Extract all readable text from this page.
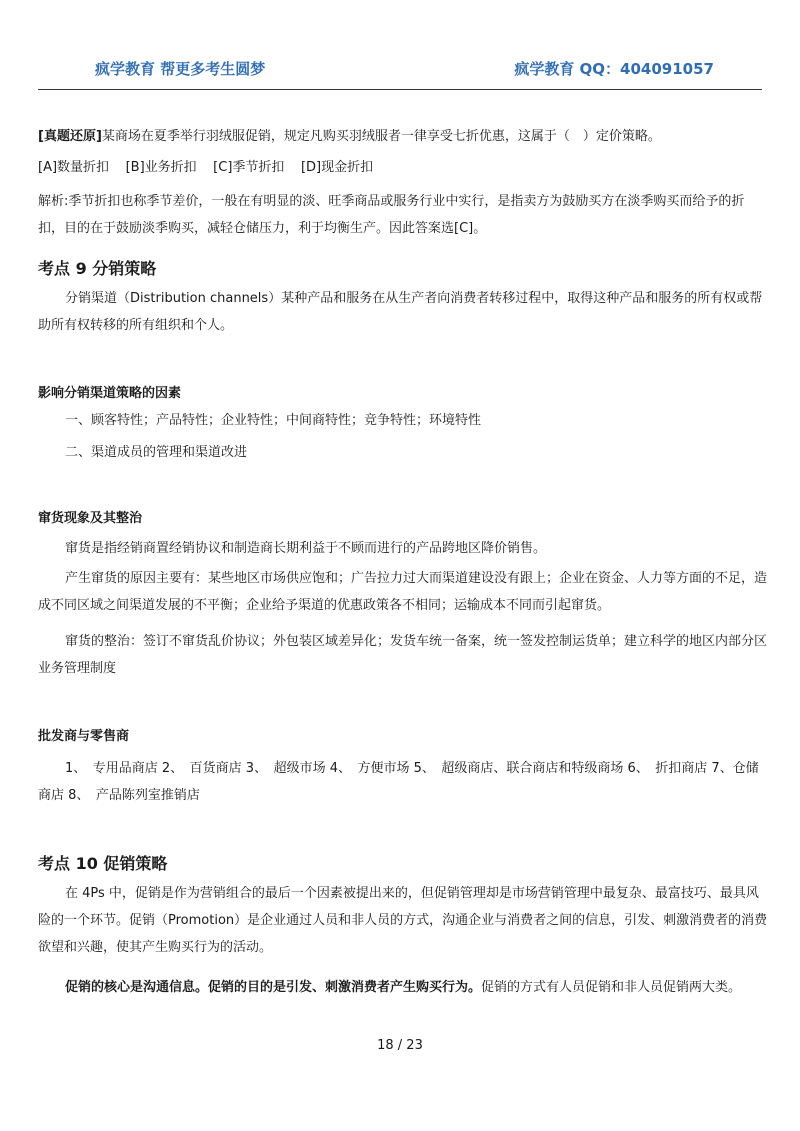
疯学教育 帮更多考生圆梦	疯学教育 QQ：404091057
[真题还原]某商场在夏季举行羽绒服促销，规定凡购买羽绒服者一律享受七折优惠，这属于（　）定价策略。
[A]数量折扣 [B]业务折扣 [C]季节折扣 [D]现金折扣
解析:季节折扣也称季节差价，一般在有明显的淡、旺季商品或服务行业中实行，是指卖方为鼓励买方在淡季购买而给予的折扣，目的在于鼓励淡季购买，减轻仓储压力，利于均衡生产。因此答案选[C]。
考点 9 分销策略
分销渠道（Distribution channels）某种产品和服务在从生产者向消费者转移过程中，取得这种产品和服务的所有权或帮助所有权转移的所有组织和个人。
影响分销渠道策略的因素
一、顾客特性；产品特性；企业特性；中间商特性；竞争特性；环境特性
二、渠道成员的管理和渠道改进
窜货现象及其整治
窜货是指经销商置经销协议和制造商长期利益于不顾而进行的产品跨地区降价销售。
产生窜货的原因主要有：某些地区市场供应饱和；广告拉力过大而渠道建设没有跟上；企业在资金、人力等方面的不足，造成不同区域之间渠道发展的不平衡；企业给予渠道的优惠政策各不相同；运输成本不同而引起窜货。
窜货的整治：签订不窜货乱价协议；外包装区域差异化；发货车统一备案，统一签发控制运货单；建立科学的地区内部分区业务管理制度
批发商与零售商
1、　专用品商店 2、　百货商店 3、　超级市场 4、　方便市场 5、　超级商店、联合商店和特级商场 6、　折扣商店 7、仓储商店 8、　产品陈列室推销店
考点 10 促销策略
在 4Ps 中，促销是作为营销组合的最后一个因素被提出来的，但促销管理却是市场营销管理中最复杂、最富技巧、最具风险的一个环节。促销（Promotion）是企业通过人员和非人员的方式，沟通企业与消费者之间的信息，引发、刺激消费者的消费欲望和兴趣，使其产生购买行为的活动。
促销的核心是沟通信息。促销的目的是引发、刺激消费者产生购买行为。促销的方式有人员促销和非人员促销两大类。
18 / 23
